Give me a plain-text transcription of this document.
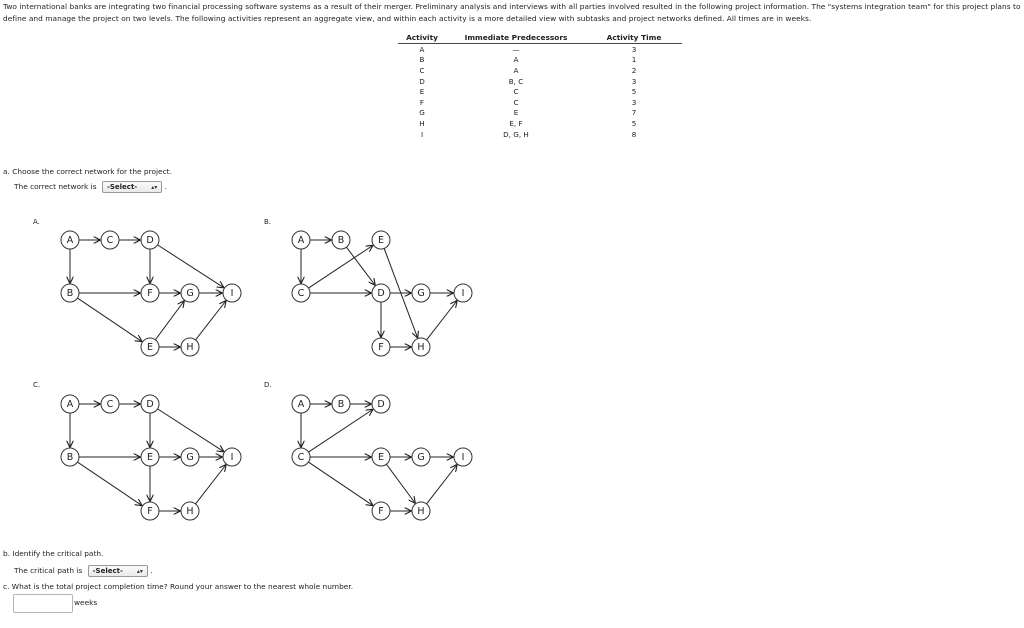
Two international banks are integrating two financial processing software systems as a result of their merger. Preliminary analysis and interviews with all parties involved resulted in the following project information. The "systems integration team" for this project plans to define and manage the project on two levels. The following activities represent an aggregate view, and within each activity is a more detailed view with subtasks and project networks defined. All times are in weeks.
Activity	Immediate Predecessors	Activity Time
A	—	3
B	A	1
C	A	2
D	B, C	3
E	C	5
F	C	3
G	E	7
H	E, F	5
I	D, G, H	8
a. Choose the correct network for the project.
The correct network is -Select- ▴▾ .
A.	B.
C.	D.
A	C	D
B	F	G	I
E	H
A	B	E
C	D	G	I
F	H
A	C	D
B	E	G	I
F	H
A	B	D
C	E	G	I
F	H
b. Identify the critical path.
The critical path is -Select- ▴▾ .
c. What is the total project completion time? Round your answer to the nearest whole number.
weeks
